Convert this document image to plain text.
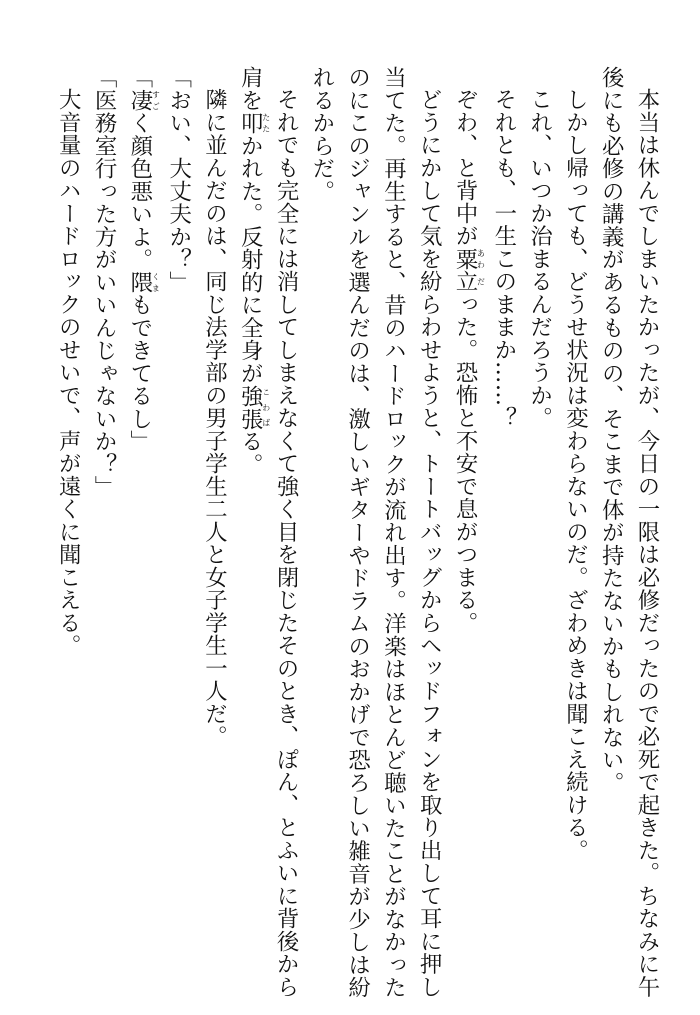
本当は休んでしまいたかったが、今日の一限は必修だったので必死で起きた。ちなみに午後にも必修の講義があるものの、そこまで体が持たないかもしれない。

しかし帰っても、どうせ状況は変わらないのだ。ざわめきは聞こえ続ける。

これ、いつか治まるんだろうか。

それとも、一生このままか……？

ぞわ、と背中が粟あわ立だった。恐怖と不安で息がつまる。

どうにかして気を紛らわせようと、トートバッグからヘッドフォンを取り出して耳に押し当てた。再生すると、昔のハードロックが流れ出す。洋楽はほとんど聴いたことがなかったのにこのジャンルを選んだのは、激しいギターやドラムのおかげで恐ろしい雑音が少しは紛れるからだ。

それでも完全には消してしまえなくて強く目を閉じたそのとき、ぽん、とふいに背後から肩を叩たたかれた。反射的に全身が強張こわばる。

隣に並んだのは、同じ法学部の男子学生二人と女子学生一人だ。

「おい、大丈夫か？」

「凄すごく顔色悪いよ。隈くまもできてるし」

「医務室行った方がいいんじゃないか？」

大音量のハードロックのせいで、声が遠くに聞こえる。
